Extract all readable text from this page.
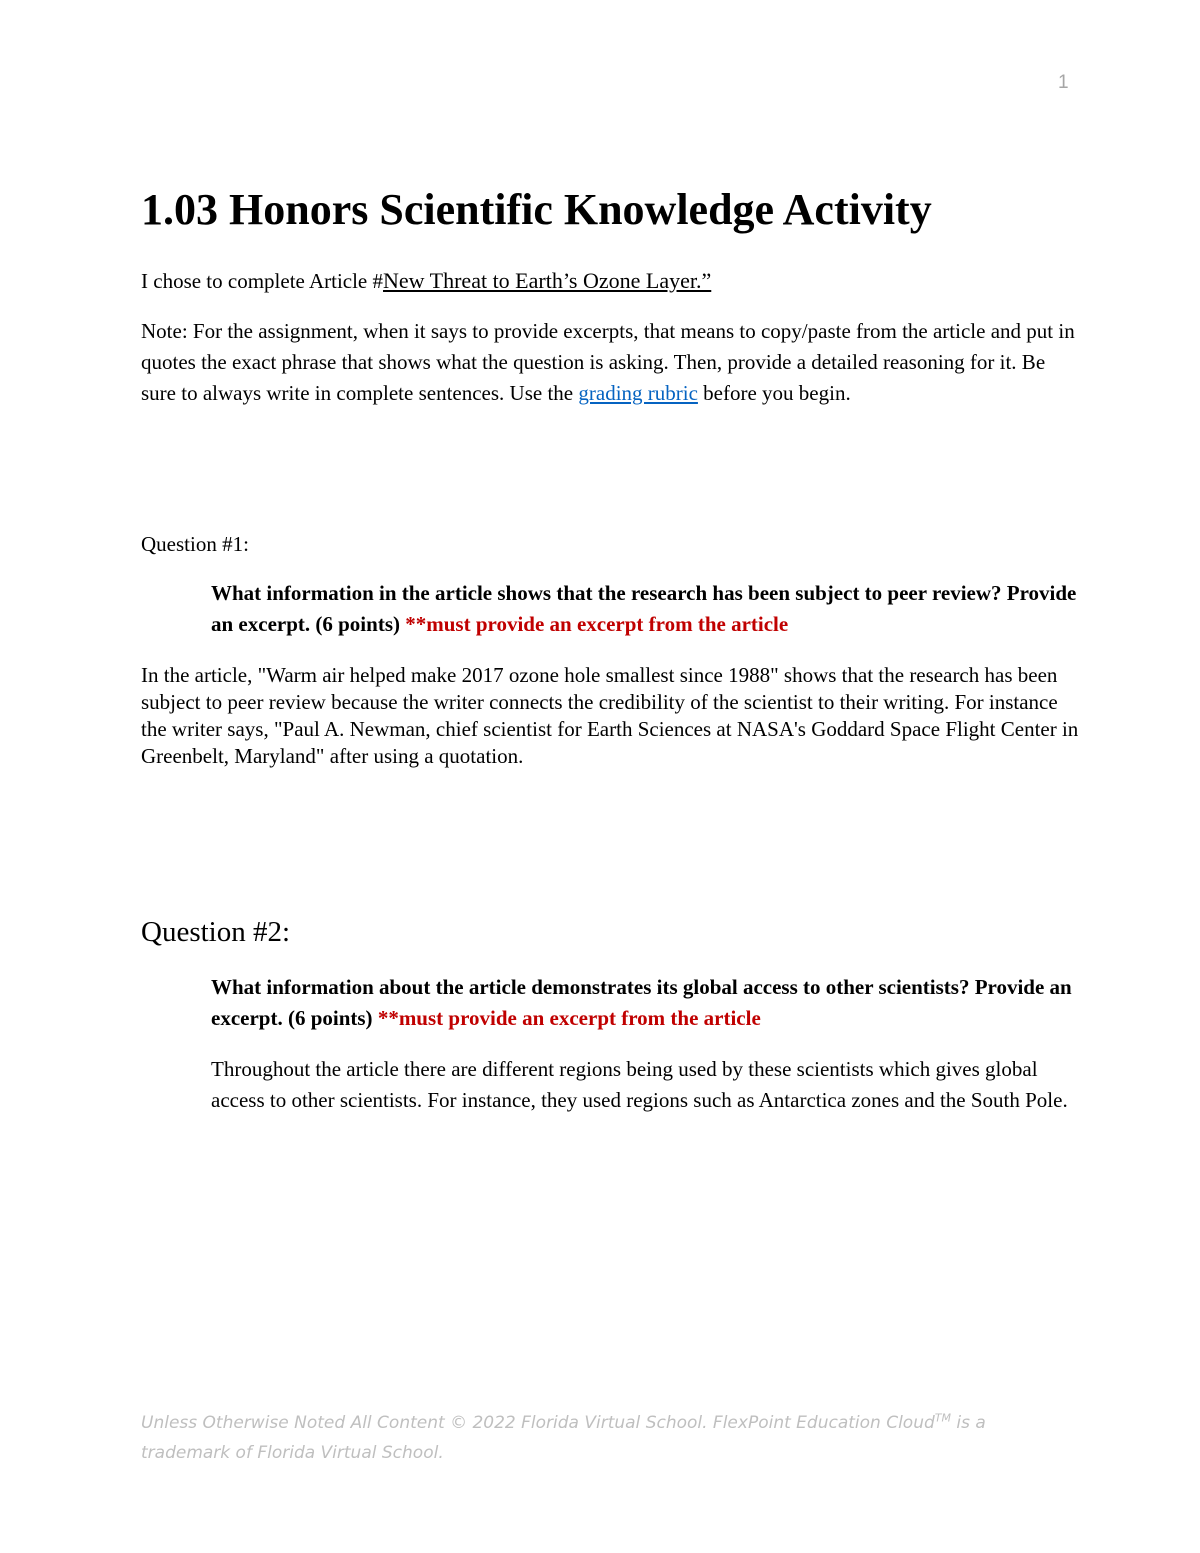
1
1.03 Honors Scientific Knowledge Activity

I chose to complete Article #New Threat to Earth’s Ozone Layer.”

Note: For the assignment, when it says to provide excerpts, that means to copy/paste from the article and put in quotes the exact phrase that shows what the question is asking. Then, provide a detailed reasoning for it. Be sure to always write in complete sentences. Use the grading rubric before you begin.

Question #1:

What information in the article shows that the research has been subject to peer review? Provide an excerpt. (6 points) **must provide an excerpt from the article

In the article, "Warm air helped make 2017 ozone hole smallest since 1988" shows that the research has been subject to peer review because the writer connects the credibility of the scientist to their writing. For instance the writer says, "Paul A. Newman, chief scientist for Earth Sciences at NASA's Goddard Space Flight Center in Greenbelt, Maryland" after using a quotation.

Question #2:

What information about the article demonstrates its global access to other scientists? Provide an excerpt. (6 points) **must provide an excerpt from the article

Throughout the article there are different regions being used by these scientists which gives global access to other scientists. For instance, they used regions such as Antarctica zones and the South Pole.

Unless Otherwise Noted All Content © 2022 Florida Virtual School. FlexPoint Education Cloud™ is a trademark of Florida Virtual School.
